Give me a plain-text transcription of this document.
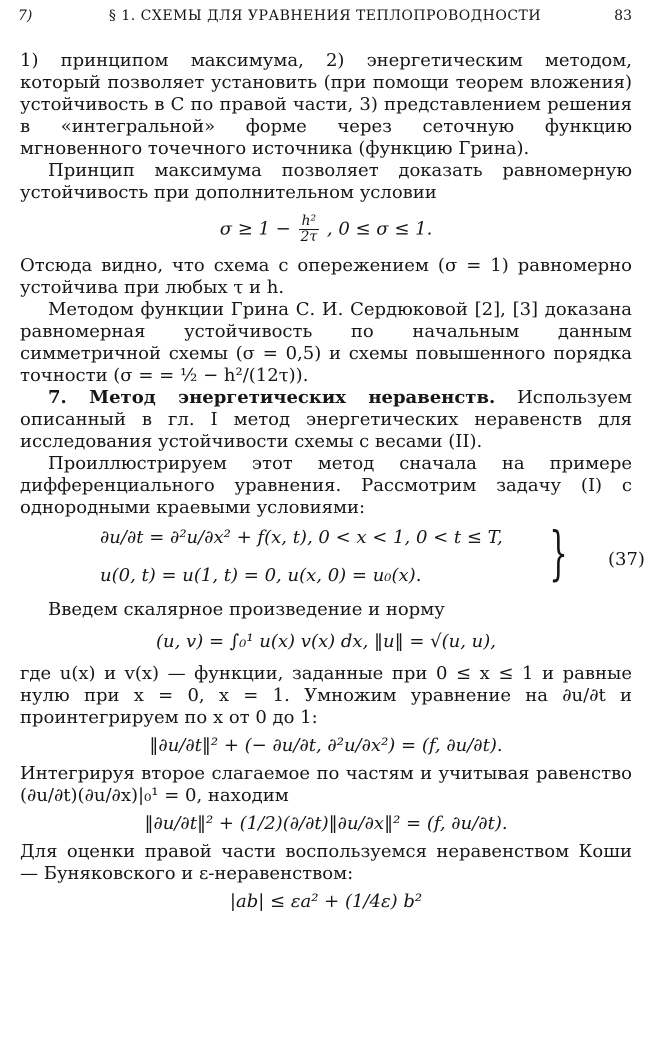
7)	§ 1. СХЕМЫ ДЛЯ УРАВНЕНИЯ ТЕПЛОПРОВОДНОСТИ	83

1) принципом максимума, 2) энергетическим методом, который позволяет установить (при помощи теорем вложения) устойчивость в C по правой части, 3) представлением решения в «интегральной» форме через сеточную функцию мгновенного точечного источника (функцию Грина).

Принцип максимума позволяет доказать равномерную устойчивость при дополнительном условии

$\sigma \ge 1 - \frac{\text{h²}}{2\tau}$ , 0 ≤ σ ≤ 1.

Отсюда видно, что схема с опережением (σ = 1) равномерно устойчива при любых τ и h.

Методом функции Грина С. И. Сердюковой [2], [3] доказана равномерная устойчивость по начальным данным симметричной схемы (σ = 0,5) и схемы повышенного порядка точности (σ = = ½ − h²/(12τ)).

7. Метод энергетических неравенств. Используем описанный в гл. I метод энергетических неравенств для исследования устойчивости схемы с весами (II).

Проиллюстрируем этот метод сначала на примере дифференциального уравнения. Рассмотрим задачу (I) с однородными краевыми условиями:

∂u/∂t = ∂²u/∂x² + f(x, t), 0 < x < 1, 0 < t ≤ T,
u(0, t) = u(1, t) = 0, u(x, 0) = u₀(x). } (37)

Введем скалярное произведение и норму

(u, v) = ∫₀¹ u(x) v(x) dx, ‖u‖ = √(u, u),

где u(x) и v(x) — функции, заданные при 0 ≤ x ≤ 1 и равные нулю при x = 0, x = 1. Умножим уравнение на ∂u/∂t и проинтегрируем по x от 0 до 1:

‖∂u/∂t‖² + (− ∂u/∂t, ∂²u/∂x²) = (f, ∂u/∂t).

Интегрируя второе слагаемое по частям и учитывая равенство (∂u/∂t)(∂u/∂x)|₀¹ = 0, находим

‖∂u/∂t‖² + (1/2)(∂/∂t)‖∂u/∂x‖² = (f, ∂u/∂t).

Для оценки правой части воспользуемся неравенством Коши — Буняковского и ε-неравенством:

|ab| ≤ εa² + (1/4ε) b²
